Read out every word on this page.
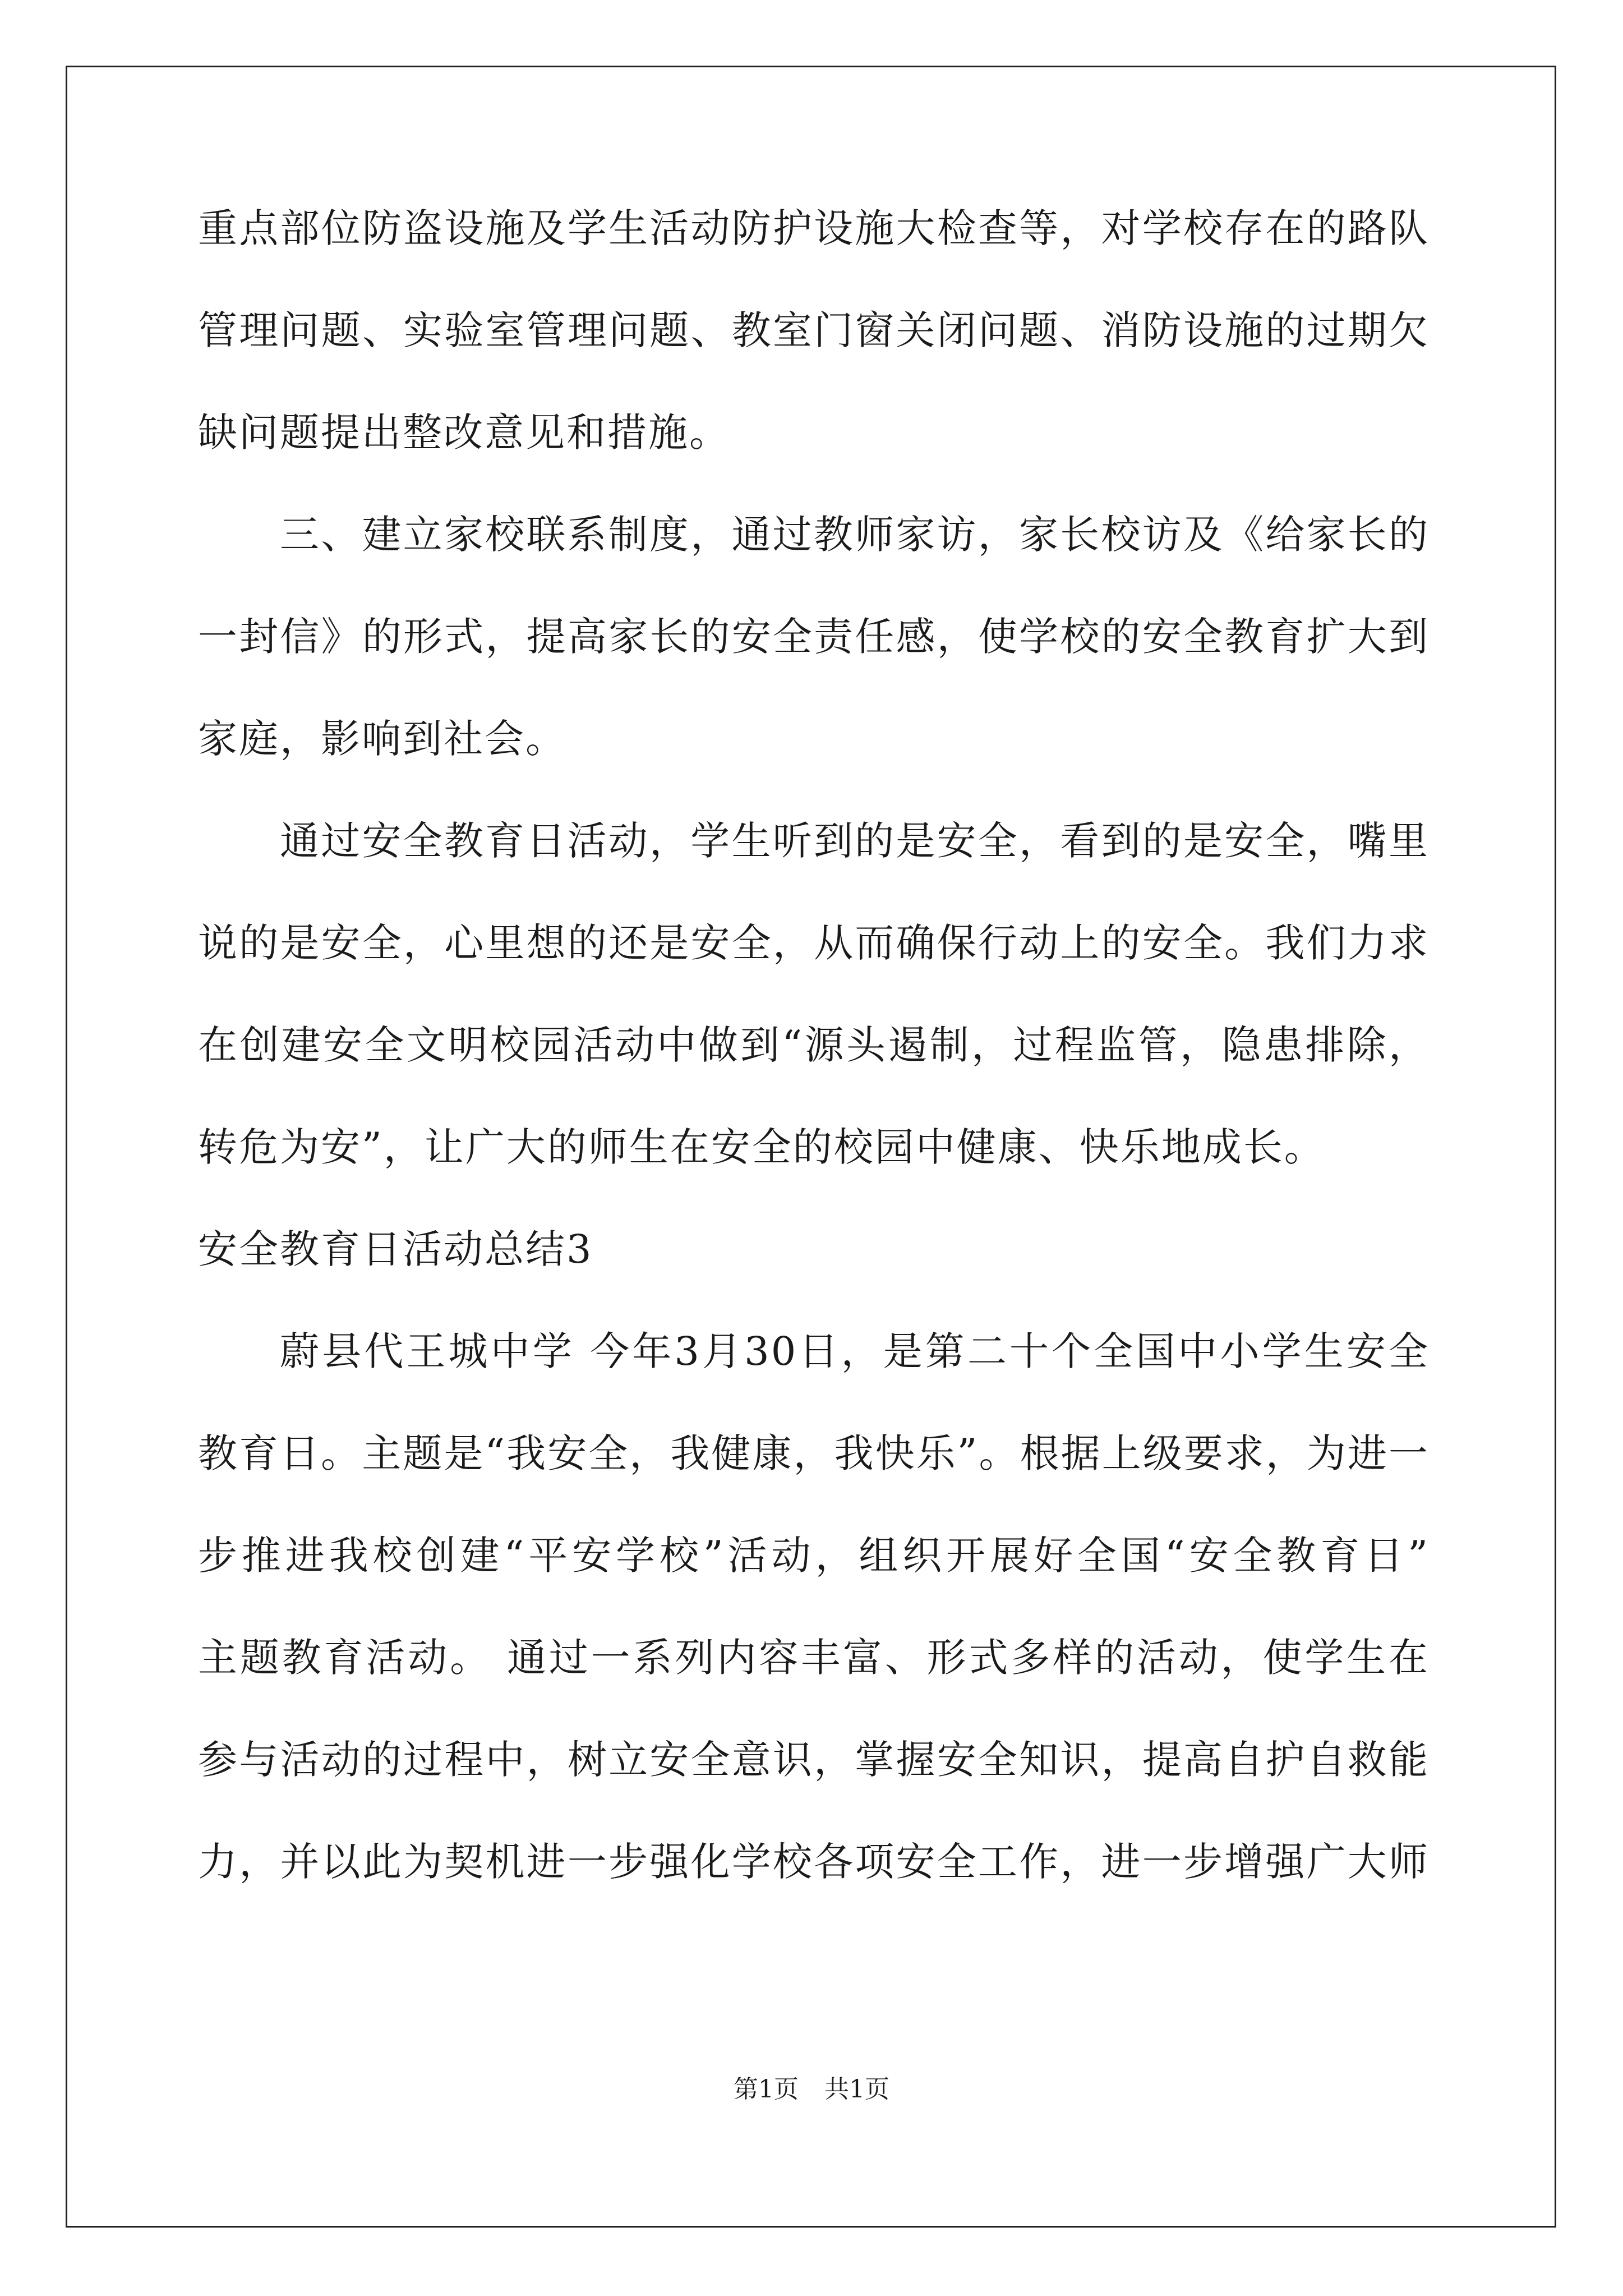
重点部位防盗设施及学生活动防护设施大检查等，对学校存在的路队
管理问题、实验室管理问题、教室门窗关闭问题、消防设施的过期欠
缺问题提出整改意见和措施。
三、建立家校联系制度，通过教师家访，家长校访及《给家长的
一封信》的形式，提高家长的安全责任感，使学校的安全教育扩大到
家庭，影响到社会。
通过安全教育日活动，学生听到的是安全，看到的是安全，嘴里
说的是安全，心里想的还是安全，从而确保行动上的安全。我们力求
在创建安全文明校园活动中做到“源头遏制，过程监管，隐患排除，
转危为安”，让广大的师生在安全的校园中健康、快乐地成长。
安全教育日活动总结3
蔚县代王城中学 今年3月30日，是第二十个全国中小学生安全
教育日。主题是“我安全，我健康，我快乐”。根据上级要求，为进一
步推进我校创建“平安学校”活动，组织开展好全国“安全教育日”
主题教育活动。 通过一系列内容丰富、形式多样的活动，使学生在
参与活动的过程中，树立安全意识，掌握安全知识，提高自护自救能
力，并以此为契机进一步强化学校各项安全工作，进一步增强广大师
第1页 共1页
